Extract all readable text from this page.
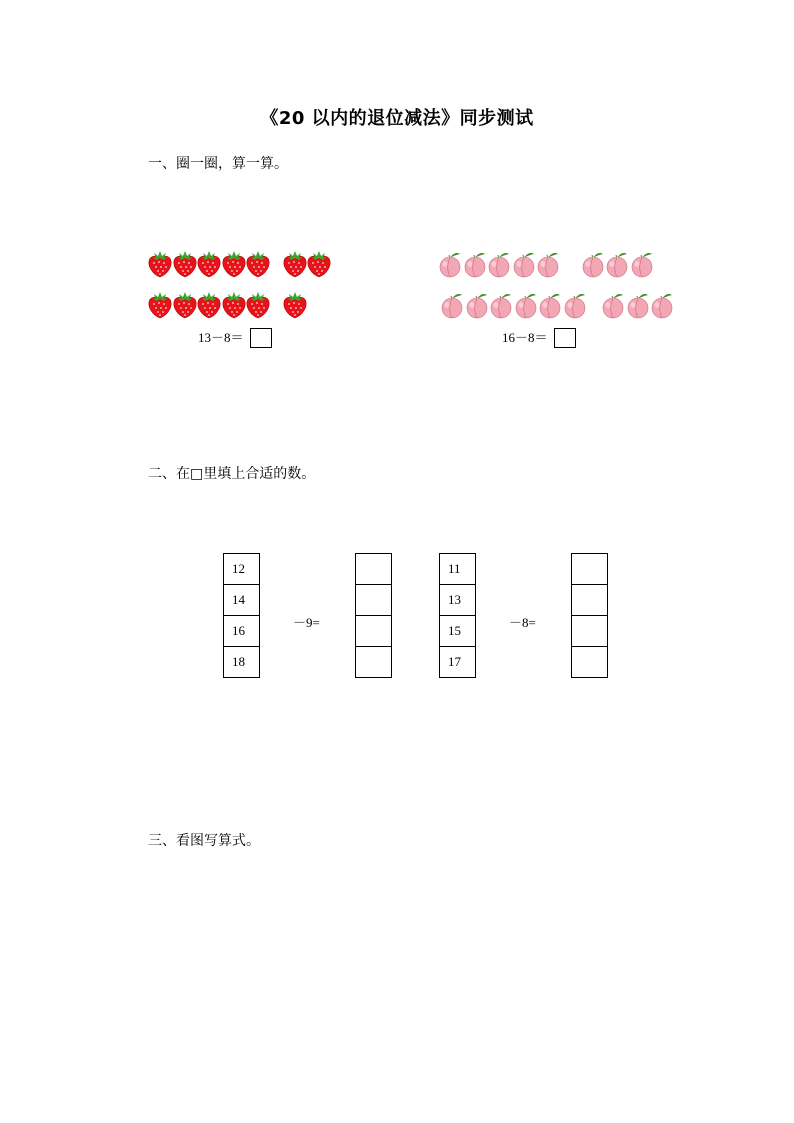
《20 以内的退位减法》同步测试
一、圈一圈，算一算。
13－8＝	16－8＝
二、在□里填上合适的数。
12
14
16
18
－9=
11
13
15
17
－8=
三、看图写算式。
